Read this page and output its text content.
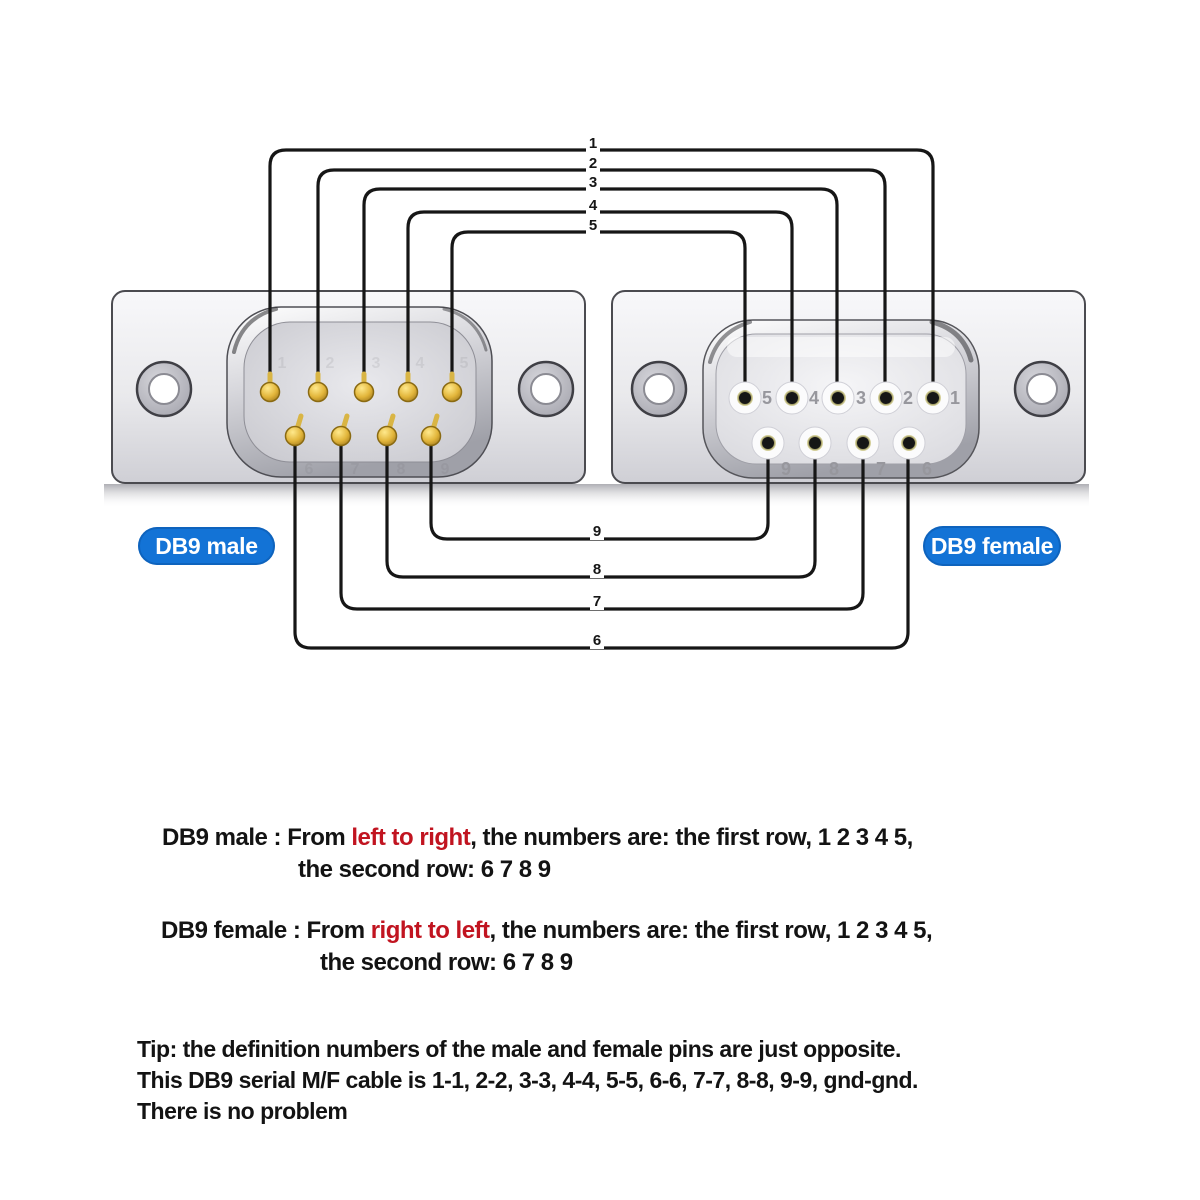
1
2
3
4
5
9
8
7
6
1 2 3 4 5
6 7 8 9
5 4 3 2 1
9 8 7 6
DB9 male	DB9 female
DB9 male : From left to right, the numbers are: the first row, 1 2 3 4 5,
the second row: 6 7 8 9
DB9 female : From right to left, the numbers are: the first row, 1 2 3 4 5,
the second row: 6 7 8 9
Tip: the definition numbers of the male and female pins are just opposite.
This DB9 serial M/F cable is 1-1, 2-2, 3-3, 4-4, 5-5, 6-6, 7-7, 8-8, 9-9, gnd-gnd.
There is no problem
